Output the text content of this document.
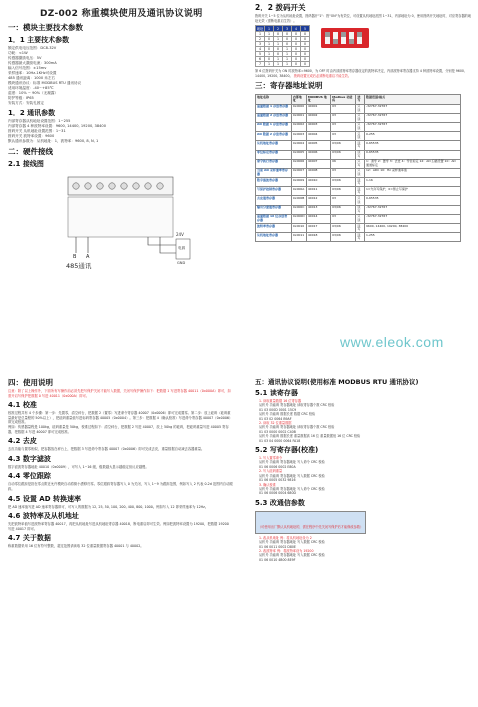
DZ-002 称重模块使用及通讯协议说明
一：模块主要技术参数
1．1 主要技术参数
额定供电电压范围：DC8-32V
功耗：<1W
传感器激励电压：5V
传感器最大激励电流：300mA
输入信号范围：±15mv
采样速率：10Hz-1KHz可设置
485 通讯距离：1000 米左右
模块通讯协议：标准 MODBUS RTU 通讯协议
适用环境温度：-40~+85℃
湿度：10% ~ 90%（无凝露）
防护等级：IP65
安装方式：安装孔固定
1．2 通讯参数
内部寄存器从机地址设置范围：1~255
内部寄存器 4 种波特率设置：9600, 14400, 19200, 38400
拨码开关 从机地址设置范围：1~31
拨码开关 波特率设置：9600
默认通讯参数为：从机地址：1，波特率：9600, 8, N, 1
二：硬件接线
2.1 接线图
24V
电源
GND
B A
485通讯
2．2 拨码开关
拨码开关 1~5 位为从机地址设置，拨码器开"1"：拨"ON"为有效位，可设置从机地址范围 1~31，内部地址为 0，使用拨码开关地址时，对应寄存器的地址无效（需断电重启生效）。
地址	1	2	3	4	5
1	1	0	0	0	0
2	0	1	0	0	0
3	1	1	0	0	0
4	0	0	1	0	0
5	1	0	1	0	0
6	0	1	1	0	0
7	1	1	1	0	0
第 6 位拨码开关为 ON 时波特率=9600，为 OFF 时由内部波特率寄存器设定的波特率决定，内部波特率寄存器支持 4 种波特率设置，分别是 9600, 14400, 19200, 38400。 拨码设置完成后必须断电重启才能生效。
三：寄存器地址说明
地址名称	内部地址	MODBUS 地址	Modbus 功能码	读写	数据范围/格式
重量数据 1 存放寄存器	0x0000	40001	03	只读	-32767-32767
重量数据 2 存放寄存器	0x0001	40002	03	只读	-32767-32767
AD 数据 1 存放寄存器	0x0002	40003	03	只读	-32767-32767
AD 数据 2 存放寄存器	0x0003	40004	03	只读	0-255
从机地址寄存器	0x0004	40005	03/06	读写	0-65535
零位标定寄存器	0x0005	40006	03/06	读写	0-65535
命令执行寄存器	0x0006	40007	06	只写	1：清零 2：置零 3：去皮 4：零位标定 12：AD 扫描设置 10：AD 通道标定
当前 AD 采样速率寄存器	0x0007	40008	03	只读	12：ADC 10：Hz 采样速率值
数字滤波寄存器	0x0009	40010	03/06	读写	1-16
写保护控制寄存器	0x000A	40011	03/06	读写	1=允许写保护，0=禁止写保护
去皮值寄存器	0x000B	40012	03	只读	0-65535
输出分度值寄存器	0x000C	40013	03/06	读写	-32767-32767
重量数据 16 位存放寄存器	0x000D	40014	03	只读	-32767-32767
波特率寄存器	0x0010	40017	03/06	读写	9600, 14400, 19200, 38400
从机地址寄存器	0x0011	40018	03/06	读写	1-255
www.eleok.com
四：使用说明
注意：除了以上操作外，下面所有写操作前必须先把写保护关闭才能写入数据，关闭写保护操作如下：把数据 1 写进寄存器 40011（0x000A）即可，如需开启写保护把数据 0 写进 40011（0x000A）即可。
4.1 校准
校准过程共有 4 个步骤：第一步：先置零，清空秤台，把数据 2（置零）写进命令寄存器 40007（0x0006）即可完成置零。第二步：放上砝码（砝码重量最好是总量程的 50%以上），把砝码重量值写进标码寄存器 40005（0x0004）。第三步：把数据 4（确认校准）写进命令寄存器 40007（0x0006）即完成校准。
例如：传感器量程是 100kg，砝码重量是 50kg，校准过程如下：清空秤台，把数据 2 写进 40007，放上 50kg 的砝码，把砝码重量写进 40005 寄存器，把数据 4 写进 40007 即可完成校准。
4.2 去皮
去皮功能与置零相似，把容器放在秤台上，把数据 3 写进命令寄存器 40007（0x0006）即可完成去皮，重量数据自动减去容器重量。
4.3 数字滤波
数字滤波寄存器地址 40010（0x0009），可写入 1~16 级，级数越大显示越稳定但反应越慢。
4.4 零位跟踪
自动零位跟踪是指在零点附近允许模块自动将微小漂移归零。零位跟踪寄存器写入 0 为关闭，写入 1~9 为跟踪范围，例如写入 2 代表 0.2d 范围内自动跟踪。
4.5 设置 AD 转换速率
把 AD 速率值写进 AD 速率寄存器即可，可写入的数据为 12, 25, 50, 100, 200, 400, 800, 1000。例如写入 12 即采样速率为 12Hz。
4.6 波特率及从机地址
先把波特率值写进波特率寄存器 40017，再把从机地址写进从机地址寄存器 40018，断电重启即可生效。例如把波特率设置为 19200，把数据 19200 写进 40017 即可。
4.7 关于数据
称重数据采用 16 位有符号整数，超过范围请读取 32 位重量数据寄存器 40001 与 40002。
五：通讯协议说明(使用标准 MODBUS RTU 通讯协议)
5.1 读寄存器
1. 读取重量数据 16 位寄存器
从机号 功能码 寄存器地址 读取寄存器个数 CRC 校验
01 03 000D 0001 15C9
从机号 功能码 数据长度 数据 CRC 校验
01 03 02 0064 B9AF
2. 读取 32 位重量数据
从机号 功能码 寄存器地址 读取寄存器个数 CRC 校验
01 03 0000 0002 C40B
从机号 功能码 数据长度 重量数据高 16 位 重量数据低 16 位 CRC 校验
01 03 04 0000 0064 FA18
5.2 写寄存器(校准)
1. 写入置零命令
从机号 功能码 寄存器地址 写入命令 CRC 校验
01 06 0006 0002 E80A
2. 写入砝码重量
从机号 功能码 寄存器地址 写入数据 CRC 校验
01 06 0005 0032 9816
3. 确认校准
从机号 功能码 寄存器地址 写入命令 CRC 校验
01 06 0006 0004 680D
5.3 改通信参数
（可使用出厂默认从机地址的，需在程序中先关闭写保护后才能修改参数）
1. 改从机地址 例：将从机地址设为 2
从机号 功能码 寄存器地址 写入数据 CRC 校验
01 06 0011 0002 D80E
2. 改波特率 例：将波特率设为 19200
从机号 功能码 寄存器地址 写入数据 CRC 校验
01 06 0010 4B00 8E9F
